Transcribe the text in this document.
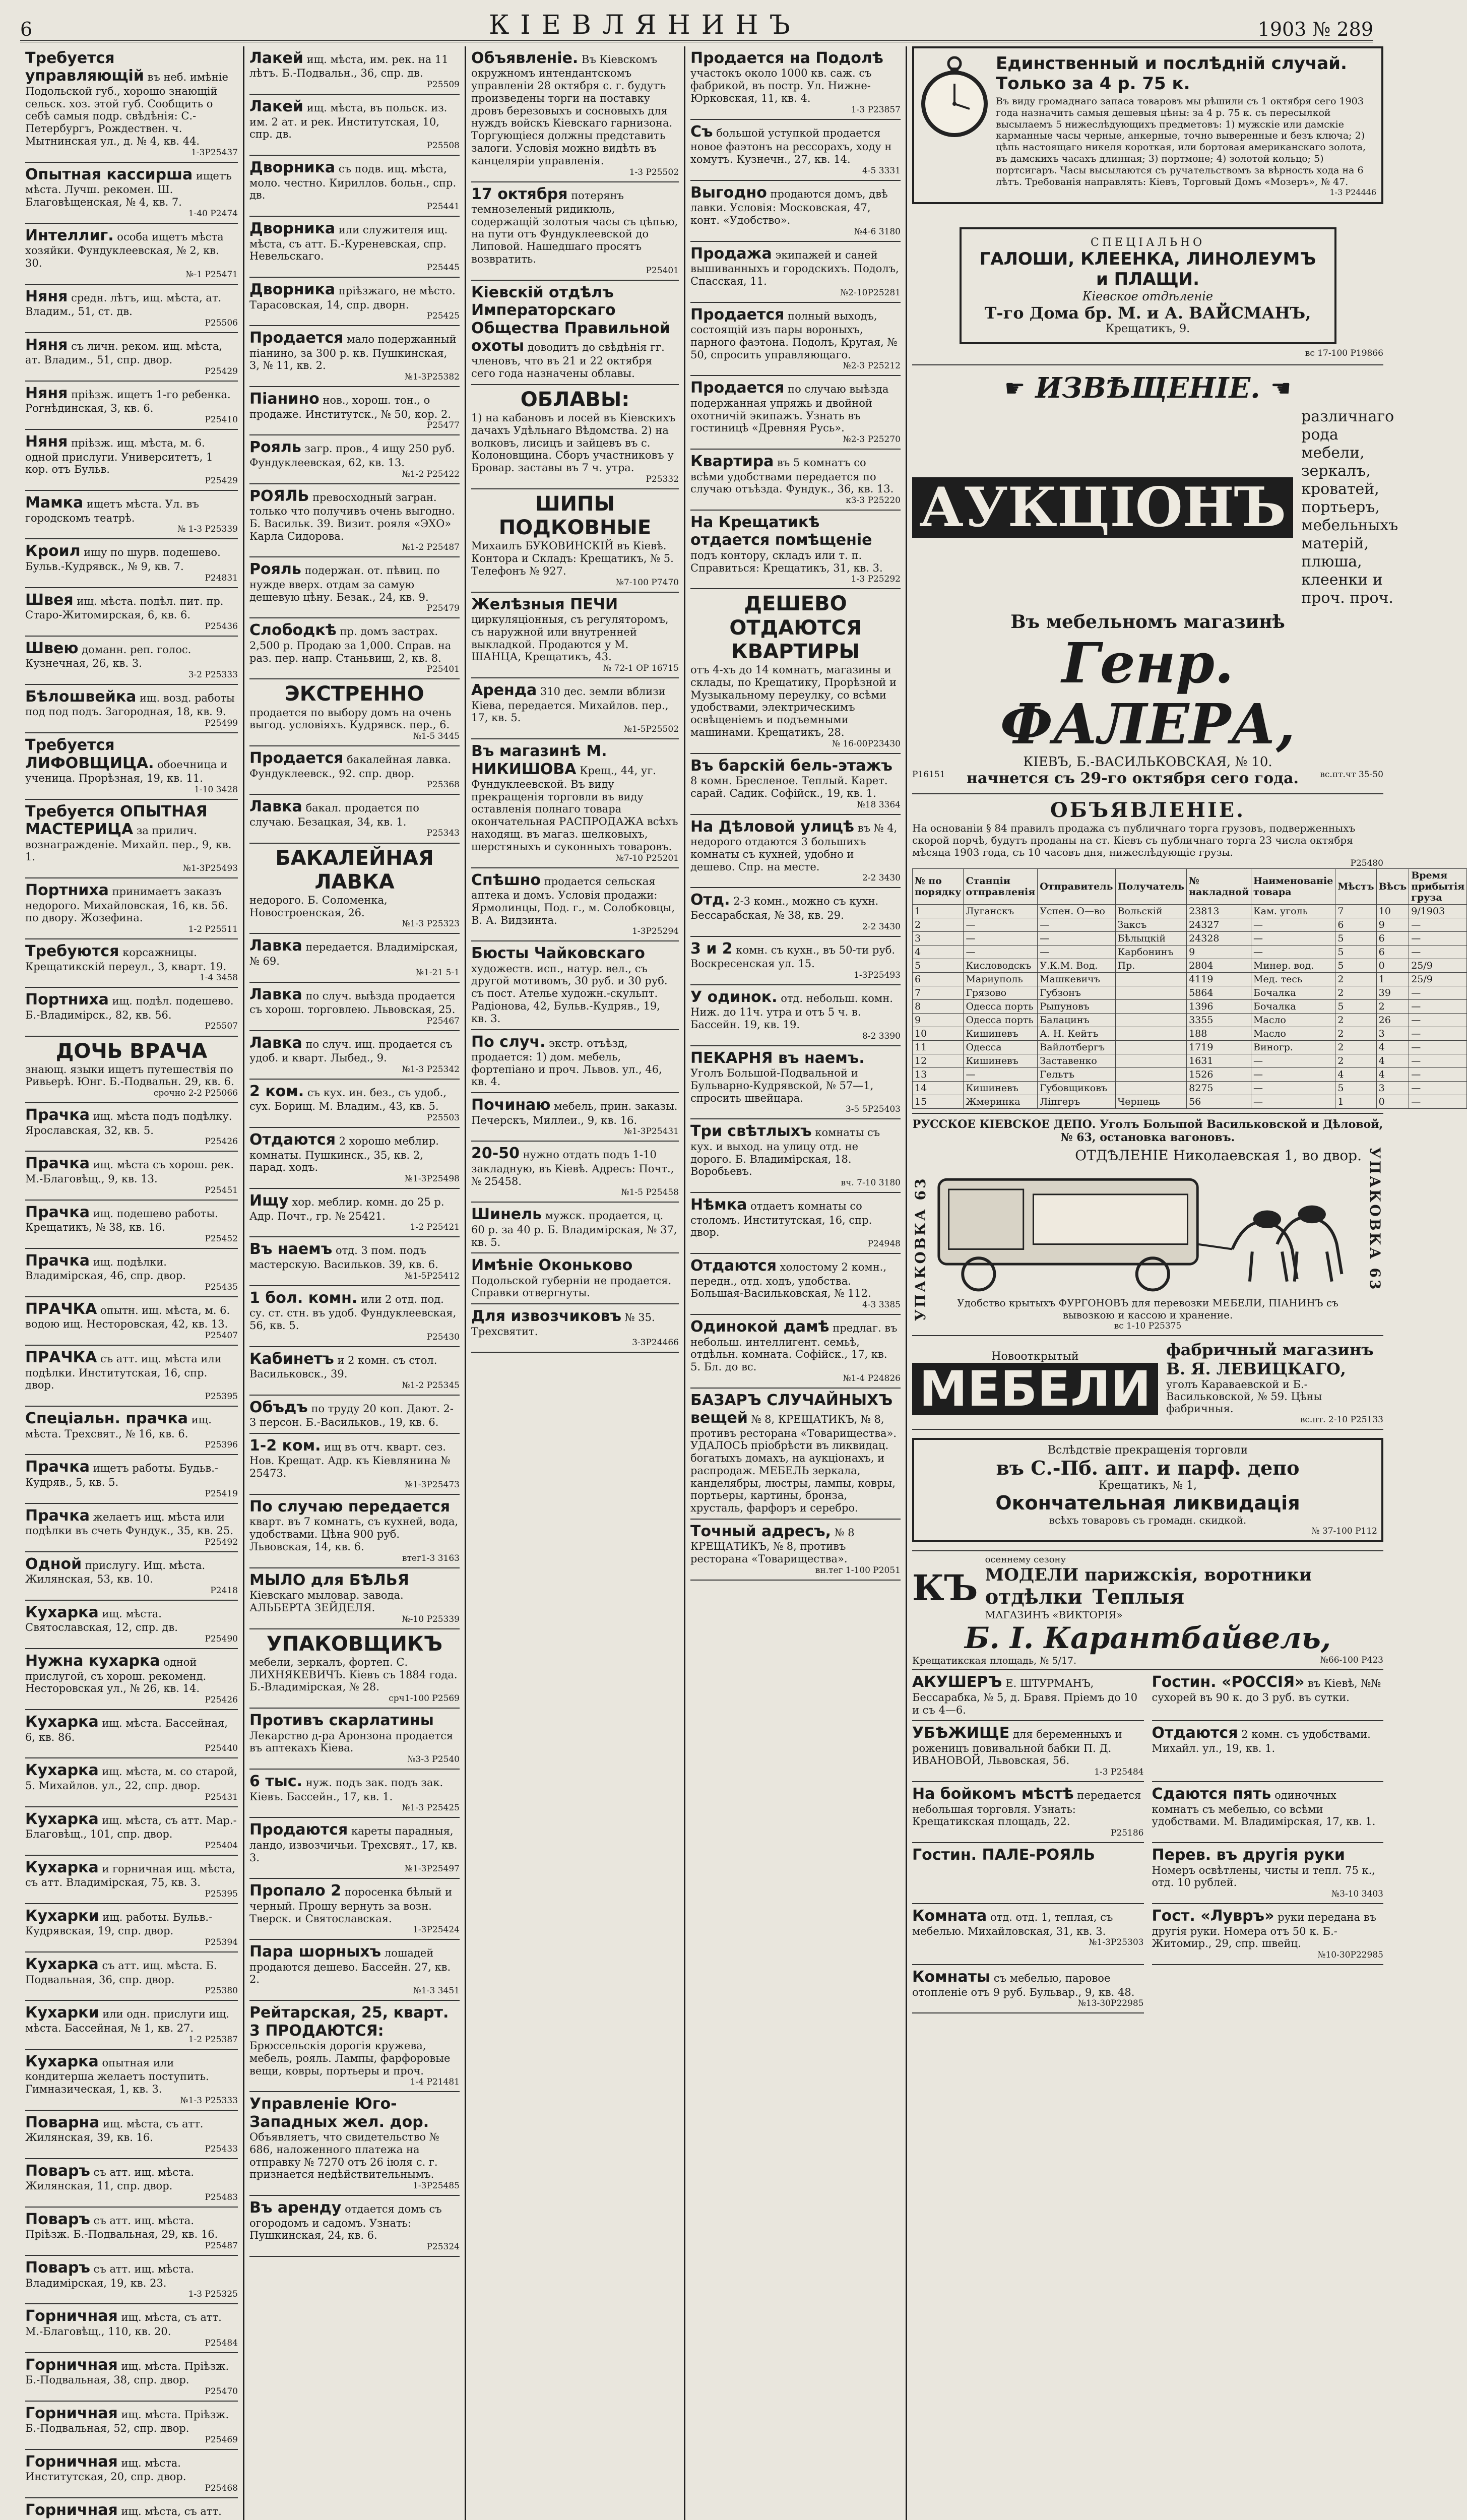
6	КІЕВЛЯНИНЪ	1903 № 289
Требуется управляющій въ неб. имѣніе Подольской губ., хорошо знающій сельск. хоз. этой губ. Сообщить о себѣ самыя подр. свѣдѣнія: С.-Петербургъ, Рождествен. ч. Мытнинская ул., д. № 4, кв. 44.
1-3P25437
Опытная кассирша ищетъ мѣста. Лучш. рекомен. Ш. Благовѣщенская, № 4, кв. 7.
1-40 P2474
Интеллиг. особа ищетъ мѣста хозяйки. Фундуклеевская, № 2, кв. 30.
№-1 P25471
Няня средн. лѣтъ, ищ. мѣста, ат. Владим., 51, ст. дв.
P25506
Няня съ личн. реком. ищ. мѣста, ат. Владим., 51, спр. двор.
P25429
Няня пріѣзж. ищетъ 1-го ребенка. Рогнѣдинская, 3, кв. 6.
P25410
Няня пріѣзж. ищ. мѣста, м. 6. одной прислуги. Университетъ, 1 кор. отъ Бульв.
P25429
Мамка ищетъ мѣста. Ул. въ городскомъ театрѣ.
№ 1-3 P25339
Кроил ищу по шурв. подешево. Бульв.-Кудрявск., № 9, кв. 7.
P24831
Швея ищ. мѣста. подѣл. пит. пр. Старо-Житомирская, 6, кв. 6.
P25436
Швею доманн. реп. голос. Кузнечная, 26, кв. 3.
3-2 P25333
Бѣлошвейка ищ. возд. работы под под подъ. Загородная, 18, кв. 9.
P25499
Требуется ЛИФОВЩИЦА. обоечница и ученица. Прорѣзная, 19, кв. 11.
1-10 3428
Требуется ОПЫТНАЯ МАСТЕРИЦА за прилич. вознагражденіе. Михайл. пер., 9, кв. 1.
№1-3P25493
Портниха принимаетъ заказъ недорого. Михайловская, 16, кв. 56. по двору. Жозефина.
1-2 P25511
Требуются корсажницы. Крещатикскій переул., 3, кварт. 19.
1-4 3458
Портниха ищ. подѣл. подешево. Б.-Владимірск., 82, кв. 56.
P25507
ДОЧЬ ВРАЧА
знающ. языки ищетъ путешествія по Ривьерѣ. Юнг. Б.-Подвальн. 29, кв. 6.
срочно 2-2 P25066
Прачка ищ. мѣста подъ подѣлку. Ярославская, 32, кв. 5.
P25426
Прачка ищ. мѣста съ хорош. рек. М.-Благовѣщ., 9, кв. 13.
P25451
Прачка ищ. подешево работы. Крещатикъ, № 38, кв. 16.
P25452
Прачка ищ. подѣлки. Владимірская, 46, спр. двор.
P25435
ПРАЧКА опытн. ищ. мѣста, м. 6. водою ищ. Несторовская, 42, кв. 13.
P25407
ПРАЧКА съ атт. ищ. мѣста или подѣлки. Институтская, 16, спр. двор.
P25395
Спеціальн. прачка ищ. мѣста. Трехсвят., № 16, кв. 6.
P25396
Прачка ищетъ работы. Будьв.-Кудряв., 5, кв. 5.
P25419
Прачка желаетъ ищ. мѣста или подѣлки въ счеть Фундук., 35, кв. 25.
P25492
Одной прислугу. Ищ. мѣста. Жилянская, 53, кв. 10.
P2418
Кухарка ищ. мѣста. Святославская, 12, спр. дв.
P25490
Нужна кухарка одной прислугой, съ хорош. рекоменд. Несторовская ул., № 26, кв. 14.
P25426
Кухарка ищ. мѣста. Бассейная, 6, кв. 86.
P25440
Кухарка ищ. мѣста, м. со старой, 5. Михайлов. ул., 22, спр. двор.
P25431
Кухарка ищ. мѣста, съ атт. Мар.-Благовѣщ., 101, спр. двор.
P25404
Кухарка и горничная ищ. мѣста, съ атт. Владимірская, 75, кв. 3.
P25395
Кухарки ищ. работы. Бульв.-Кудрявская, 19, спр. двор.
P25394
Кухарка съ атт. ищ. мѣста. Б. Подвальная, 36, спр. двор.
P25380
Кухарки или одн. прислуги ищ. мѣста. Бассейная, № 1, кв. 27.
1-2 P25387
Кухарка опытная или кондитерша желаетъ поступить. Гимназическая, 1, кв. 3.
№1-3 P25333
Поварна ищ. мѣста, съ атт. Жилянская, 39, кв. 16.
P25433
Поваръ съ атт. ищ. мѣста. Жилянская, 11, спр. двор.
P25483
Поваръ съ атт. ищ. мѣста. Пріѣзж. Б.-Подвальная, 29, кв. 16.
P25487
Поваръ съ атт. ищ. мѣста. Владимірская, 19, кв. 23.
1-3 P25325
Горничная ищ. мѣста, съ атт. М.-Благовѣщ., 110, кв. 20.
P25484
Горничная ищ. мѣста. Пріѣзж. Б.-Подвальная, 38, спр. двор.
P25470
Горничная ищ. мѣста. Пріѣзж. Б.-Подвальная, 52, спр. двор.
P25469
Горничная ищ. мѣста. Институтская, 20, спр. двор.
P25468
Горничная ищ. мѣста, съ атт.
Лакей ищ. мѣста, им. рек. на 11 лѣтъ. Б.-Подвальн., 36, спр. дв.
P25509
Лакей ищ. мѣста, въ польск. из. им. 2 ат. и рек. Институтская, 10, спр. дв.
P25508
Дворника съ подв. ищ. мѣста, моло. честно. Кириллов. больн., спр. дв.
P25441
Дворника или служителя ищ. мѣста, съ атт. Б.-Куреневская, спр. Невельскаго.
P25445
Дворника пріѣзжаго, не мѣсто. Тарасовская, 14, спр. дворн.
P25425
Продается мало подержанный піанино, за 300 р. кв. Пушкинская, 3, № 11, кв. 2.
№1-3P25382
Піанино нов., хорош. тон., о продаже. Институтск., № 50, кор. 2.
P25477
Рояль загр. пров., 4 ищу 250 руб. Фундуклеевская, 62, кв. 13.
№1-2 P25422
РОЯЛЬ превосходный загран. только что получивъ очень выгодно. Б. Васильк. 39. Визит. рояля «ЭХО» Карла Сидорова.
№1-2 P25487
Рояль подержан. от. пѣвиц. по нужде вверх. отдам за самую дешевую цѣну. Безак., 24, кв. 9.
P25479
Слободкѣ пр. домъ застрах. 2,500 р. Продаю за 1,000. Справ. на раз. пер. напр. Станьвиш, 2, кв. 8.
P25401
ЭКСТРЕННО
продается по выбору домъ на очень выгод. условіяхъ. Кудрявск. пер., 6.
№1-5 3445
Продается бакалейная лавка. Фундуклеевск., 92. спр. двор.
P25368
Лавка бакал. продается по случаю. Безацкая, 34, кв. 1.
P25343
БАКАЛЕЙНАЯ ЛАВКА
недорого. Б. Соломенка, Новостроенская, 26.
№1-3 P25323
Лавка передается. Владимірская, № 69.
№1-21 5-1
Лавка по случ. выѣзда продается съ хорош. торговлею. Львовская, 25.
P25467
Лавка по случ. ищ. продается съ удоб. и кварт. Лыбед., 9.
№1-3 P25342
2 ком. съ кух. ин. без., съ удоб., сух. Борищ. М. Владим., 43, кв. 5.
P25503
Отдаются 2 хорошо меблир. комнаты. Пушкинск., 35, кв. 2, парад. ходъ.
№1-3P25498
Ищу хор. меблир. комн. до 25 р. Адр. Почт., гр. № 25421.
1-2 P25421
Въ наемъ отд. 3 пом. подъ мастерскую. Васильков. 39, кв. 6.
№1-5P25412
1 бол. комн. или 2 отд. под. су. ст. стн. въ удоб. Фундуклеевская, 56, кв. 5.
P25430
Кабинетъ и 2 комн. съ стол. Васильковск., 39.
№1-2 P25345
Объдъ по труду 20 коп. Дают. 2-3 персон. Б.-Васильков., 19, кв. 6.
1-2 ком. ищ въ отч. кварт. сез. Нов. Крещат. Адр. къ Кіевлянина № 25473.
№1-3P25473
По случаю передается кварт. въ 7 комнатъ, съ кухней, вода, удобствами. Цѣна 900 руб. Львовская, 14, кв. 6.
втег1-3 3163
МЫЛО для БѢЛЬЯ Кіевскаго мыловар. завода. АЛЬБЕРТА ЗЕЙДЕЛЯ.
№-10 P25339
УПАКОВЩИКЪ
мебели, зеркалъ, фортеп. С. ЛИХНЯКЕВИЧЪ. Кіевъ съ 1884 года. Б.-Владимірская, № 28.
срч1-100 P2569
Противъ скарлатины Лекарство д-ра Аронзона продается въ аптекахъ Кіева.
№3-3 P2540
6 тыс. нуж. подъ зак. подъ зак. Кіевъ. Бассейн., 17, кв. 1.
№1-3 P25425
Продаются кареты парадныя, ландо, извозчичьи. Трехсвят., 17, кв. 3.
№1-3P25497
Пропало 2 поросенка бѣлый и черный. Прошу вернуть за возн. Тверск. и Святославская.
1-3P25424
Пара шорныхъ лошадей продаются дешево. Бассейн. 27, кв. 2.
№1-3 3451
Рейтарская, 25, кварт. 3 ПРОДАЮТСЯ: Брюссельскія дорогія кружева, мебель, рояль. Лампы, фарфоровые вещи, ковры, портьеры и проч.
1-4 P21481
Управленіе Юго-Западных жел. дор. Объявляетъ, что свидетельство № 686, наложенного платежа на отправку № 7270 отъ 26 іюля с. г. признается недѣйствительнымъ.
1-3P25485
Въ аренду отдается домъ съ огородомъ и садомъ. Узнать: Пушкинская, 24, кв. 6.
P25324
Объявленіе. Въ Кіевскомъ окружномъ интендантскомъ управленіи 28 октября с. г. будутъ произведены торги на поставку дровъ березовыхъ и сосновыхъ для нуждъ войскъ Кіевскаго гарнизона. Торгующіеся должны представить залоги. Условія можно видѣть въ канцеляріи управленія.
1-3 P25502
17 октября потерянъ темнозеленый ридикюль, содержащій золотыя часы съ цѣпью, на пути отъ Фундуклеевской до Липовой. Нашедшаго просятъ возвратить.
P25401
Кіевскій отдѣлъ Императорскаго Общества Правильной охоты доводитъ до свѣдѣнія гг. членовъ, что въ 21 и 22 октября сего года назначены облавы.
ОБЛАВЫ:
1) на кабановъ и лосей въ Кіевскихъ дачахъ Удѣльнаго Вѣдомства. 2) на волковъ, лисицъ и зайцевъ въ с. Колоновщина. Сборъ участниковъ у Бровар. заставы въ 7 ч. утра.
P25332
ШИПЫ ПОДКОВНЫЕ
Михаилъ БУКОВИНСКІЙ въ Кіевѣ. Контора и Складъ: Крещатикъ, № 5. Телефонъ № 927.
№7-100 P7470
Желѣзныя ПЕЧИ циркуляціонныя, съ регуляторомъ, съ наружной или внутренней выкладкой. Продаются у М. ШАНЦА, Крещатикъ, 43.
№ 72-1 ОР 16715
Аренда 310 дес. земли вблизи Кіева, передается. Михайлов. пер., 17, кв. 5.
№1-5P25502
Въ магазинѣ М. НИКИШОВА Крещ., 44, уг. Фундуклеевской. Въ виду прекращенія торговли въ виду оставленія полнаго товара окончательная РАСПРОДАЖА всѣхъ находящ. въ магаз. шелковыхъ, шерстяныхъ и суконныхъ товаровъ.
№7-10 P25201
Спѣшно продается сельская аптека и домъ. Условія продажи: Ярмолинцы, Под. г., м. Солобковцы, В. А. Видзинта.
1-3P25294
Бюсты Чайковскаго художеств. исп., натур. вел., съ другой мотивомъ, 30 руб. и 30 руб. съ пост. Ателье художн.-скульпт. Радіонова, 42, Бульв.-Кудряв., 19, кв. 3.
По случ. экстр. отъѣзд, продается: 1) дом. мебель, фортепіано и проч. Львов. ул., 46, кв. 4.
Починаю мебель, прин. заказы. Печерскъ, Миллеи., 9, кв. 16.
№1-3P25431
20-50 нужно отдать подъ 1-10 закладную, въ Кіевѣ. Адресъ: Почт., № 25458.
№1-5 P25458
Шинель мужск. продается, ц. 60 р. за 40 р. Б. Владимірская, № 37, кв. 5.
Имѣніе Оконьково Подольской губерніи не продается. Справки отвергнуты.
Для извозчиковъ № 35. Трехсвятит.
3-3P24466
Продается на Подолѣ участокъ около 1000 кв. саж. съ фабрикой, въ постр. Ул. Нижне-Юрковская, 11, кв. 4.
1-3 P23857
Съ большой уступкой продается новое фаэтонъ на рессорахъ, ходу н хомутъ. Кузнечн., 27, кв. 14.
4-5 3331
Выгодно продаются домъ, двѣ лавки. Условія: Московская, 47, конт. «Удобство».
№4-6 3180
Продажа экипажей и саней вышиванныхъ и городскихъ. Подолъ, Спасская, 11.
№2-10P25281
Продается полный выходъ, состоящій изъ пары вороныхъ, парного фаэтона. Подолъ, Кругая, № 50, спросить управляющаго.
№2-3 P25212
Продается по случаю выѣзда подержанная упряжь и двойной охотничій экипажъ. Узнать въ гостиницѣ «Древняя Русь».
№2-3 P25270
Квартира въ 5 комнатъ со всѣми удобствами передается по случаю отъѣзда. Фундук., 36, кв. 13.
к3-3 P25220
На Крещатикѣ отдается помѣщеніе подъ контору, складъ или т. п. Справиться: Крещатикъ, 31, кв. 3.
1-3 P25292
ДЕШЕВО ОТДАЮТСЯ КВАРТИРЫ
отъ 4-хъ до 14 комнатъ, магазины и склады, по Крещатику, Прорѣзной и Музыкальному переулку, со всѣми удобствами, электрическимъ освѣщеніемъ и подъемными машинами. Крещатикъ, 28.
№ 16-00P23430
Въ барскій бель-этажъ 8 комн. Бресленое. Теплый. Карет. сарай. Садик. Софійск., 19, кв. 1.
№18 3364
На Дѣловой улицѣ въ № 4, недорого отдаются 3 большихъ комнаты съ кухней, удобно и дешево. Спр. на месте.
2-2 3430
Отд. 2-3 комн., можно съ кухн. Бессарабская, № 38, кв. 29.
2-2 3430
3 и 2 комн. съ кухн., въ 50-ти руб. Воскресенская ул. 15.
1-3P25493
У одинок. отд. небольш. комн. Ниж. до 11ч. утра и отъ 5 ч. в. Бассейн. 19, кв. 19.
8-2 3390
ПЕКАРНЯ въ наемъ. Уголъ Большой-Подвальной и Бульварно-Кудрявской, № 57—1, спросить швейцара.
3-5 5P25403
Три свѣтлыхъ комнаты съ кух. и выход. на улицу отд. не дорого. Б. Владимірская, 18. Воробьевъ.
вч. 7-10 3180
Нѣмка отдаетъ комнаты со столомъ. Институтская, 16, спр. двор.
P24948
Отдаются холостому 2 комн., передн., отд. ходъ, удобства. Большая-Васильковская, № 112.
4-3 3385
Одинокой дамѣ предлаг. въ небольш. интеллигент. семьѣ, отдѣльн. комната. Софійск., 17, кв. 5. Бл. до вс.
№1-4 P24826
БАЗАРЪ СЛУЧАЙНЫХЪ вещей № 8, КРЕЩАТИКЪ, № 8, противъ ресторана «Товарищества». УДАЛОСЬ пріобрѣсти въ ликвидац. богатыхъ домахъ, на аукціонахъ, и распродаж. МЕБЕЛЬ зеркала, канделябры, люстры, лампы, ковры, портьеры, картины, бронза, хрусталь, фарфоръ и серебро.
Точный адресъ, № 8 КРЕЩАТИКЪ, № 8, противъ ресторана «Товарищества».
вн.тег 1-100 P2051
Единственный и послѣдній случай. Только за 4 р. 75 к.
Въ виду громаднаго запаса товаровъ мы рѣшили съ 1 октября сего 1903 года назначить самыя дешевыя цѣны: за 4 р. 75 к. съ пересылкой высылаемъ 5 нижеслѣдующихъ предметовъ: 1) мужскіе или дамскіе карманные часы черные, анкерные, точно выверенные и безъ ключа; 2) цѣпь настоящаго никеля короткая, или бортовая американскаго золота, въ дамскихъ часахъ длинная; 3) портмоне; 4) золотой кольцо; 5) портсигаръ. Часы высылаются съ ручательствомъ за вѣрность хода на 6 лѣтъ. Требованія направлять: Кіевъ, Торговый Домъ «Мозеръ», № 47.
1-3 P24446
СПЕЦІАЛЬНО
ГАЛОШИ, КЛЕЕНКА, ЛИНОЛЕУМЪ и ПЛАЩИ.
Кіевское отдѣленіе
Т-го Дома бр. М. и А. ВАЙСМАНЪ,
Крещатикъ, 9.
вс 17-100 P19866
☛ ИЗВѢЩЕНІЕ. ☛
АУКЦІОНЪ
различнаго рода мебели, зеркалъ, кроватей, портьеръ, мебельныхъ матерій, плюша, клеенки и проч. проч.
Въ мебельномъ магазинѣ
Генр. ФАЛЕРА,
КІЕВЪ, Б.-ВАСИЛЬКОВСКАЯ, № 10.
P16151 начнется съ 29-го октября сего года. вс.пт.чт 35-50
ОБЪЯВЛЕНІЕ.
На основаніи § 84 правилъ продажа съ публичнаго торга грузовъ, подверженныхъ скорой порчѣ, будутъ проданы на ст. Кіевъ съ публичнаго торга 23 числа октября мѣсяца 1903 года, съ 10 часовъ дня, нижеслѣдующіе грузы.
P25480
№ по порядку	Станціи отправленія	Отправитель	Получатель	№ накладной	Наименованіе товара	Мѣстъ	Вѣсъ	Время прибытія груза
1	Луганскъ	Успен. О—во	Вольскій	23813	Кам. уголь	7	10	9/1903
2	—	—	Заксъ	24327	—	6	9	—
3	—	—	Бѣлыцкій	24328	—	5	6	—
4	—	—	Карбонинъ	9	—	5	6	—
5	Кисловодскъ	У.К.М. Вод.	Пр.	2804	Минер. вод.	5	0	25/9
6	Мариуполь	Машкевичъ		4119	Мед. тесь	2	1	25/9
7	Грязово	Губзонъ		5864	Бочалка	2	39	—
8	Одесса порть	Рыпуновъ		1396	Бочалка	5	2	—
9	Одесса порть	Балацинъ		3355	Масло	2	26	—
10	Кишиневъ	А. Н. Кейтъ		188	Масло	2	3	—
11	Одесса	Вайлотбергъ		1719	Виногр.	2	4	—
12	Кишиневъ	Заставенко		1631	—	2	4	—
13	—	Гельтъ		1526	—	4	4	—
14	Кишиневъ	Губовщиковъ		8275	—	5	3	—
15	Жмеринка	Ліпгеръ	Чернець	56	—	1	0	—
РУССКОЕ КІЕВСКОЕ ДЕПО. Уголъ Большой Васильковской и Дѣловой, № 63, остановка вагоновъ.
УПАКОВКА 63
ОТДѢЛЕНІЕ Николаевская 1, во двор.
Удобство крытыхъ ФУРГОНОВЪ для перевозки МЕБЕЛИ, ПІАНИНЪ съ вывозкою и кассою и хранение.
УПАКОВКА 63
вс 1-10 P25375
Новооткрытый
МЕБЕЛИ
фабричный магазинъ В. Я. ЛЕВИЦКАГО,
уголъ Караваевской и Б.-Васильковской, № 59. Цѣны фабричныя.
вс.пт. 2-10 P25133
Вслѣдствіе прекращенія торговли
въ С.-Пб. апт. и парф. депо
Крещатикъ, № 1,
Окончательная ликвидація
всѣхъ товаровъ съ громадн. скидкой.
№ 37-100 P112
КЪ
осеннему сезону
МОДЕЛИ парижскія, воротники
отдѣлки Теплыя
МАГАЗИНЪ «ВИКТОРІЯ»
Б. І. Карантбайвель,
Крещатикская площадь, № 5/17.	№66-100 P423
АКУШЕРЪ Е. ШТУРМАНЪ, Бессарабка, № 5, д. Бравя. Пріемъ до 10 и съ 4—6.
Гостин. «РОССІЯ» въ Кіевѣ, №№ сухорей въ 90 к. до 3 руб. въ сутки.
УБѢЖИЩЕ для беременныхъ и роженицъ повивальной бабки П. Д. ИВАНОВОЙ, Львовская, 56.
1-3 P25484
Отдаются 2 комн. съ удобствами. Михайл. ул., 19, кв. 1.
На бойкомъ мѣстѣ передается небольшая торговля. Узнать: Крещатикская площадь, 22.
P25186
Сдаются пять одиночных комнатъ съ мебелью, со всѣми удобствами. М. Владимірская, 17, кв. 1.
Гостин. ПАЛЕ-РОЯЛЬ	Перев. въ другія руки Номеръ освѣтлены, чисты и тепл. 75 к., отд. 10 рублей.
№3-10 3403
Комната отд. отд. 1, теплая, съ мебелью. Михайловская, 31, кв. 3.
№1-3P25303
Гост. «Лувръ» руки передана въ другія руки. Номера отъ 50 к. Б.-Житомир., 29, спр. швейц.
№10-30P22985
Комнаты съ мебелью, паровое отопленіе отъ 9 руб. Бульвар., 9, кв. 48.
№13-30P22985
